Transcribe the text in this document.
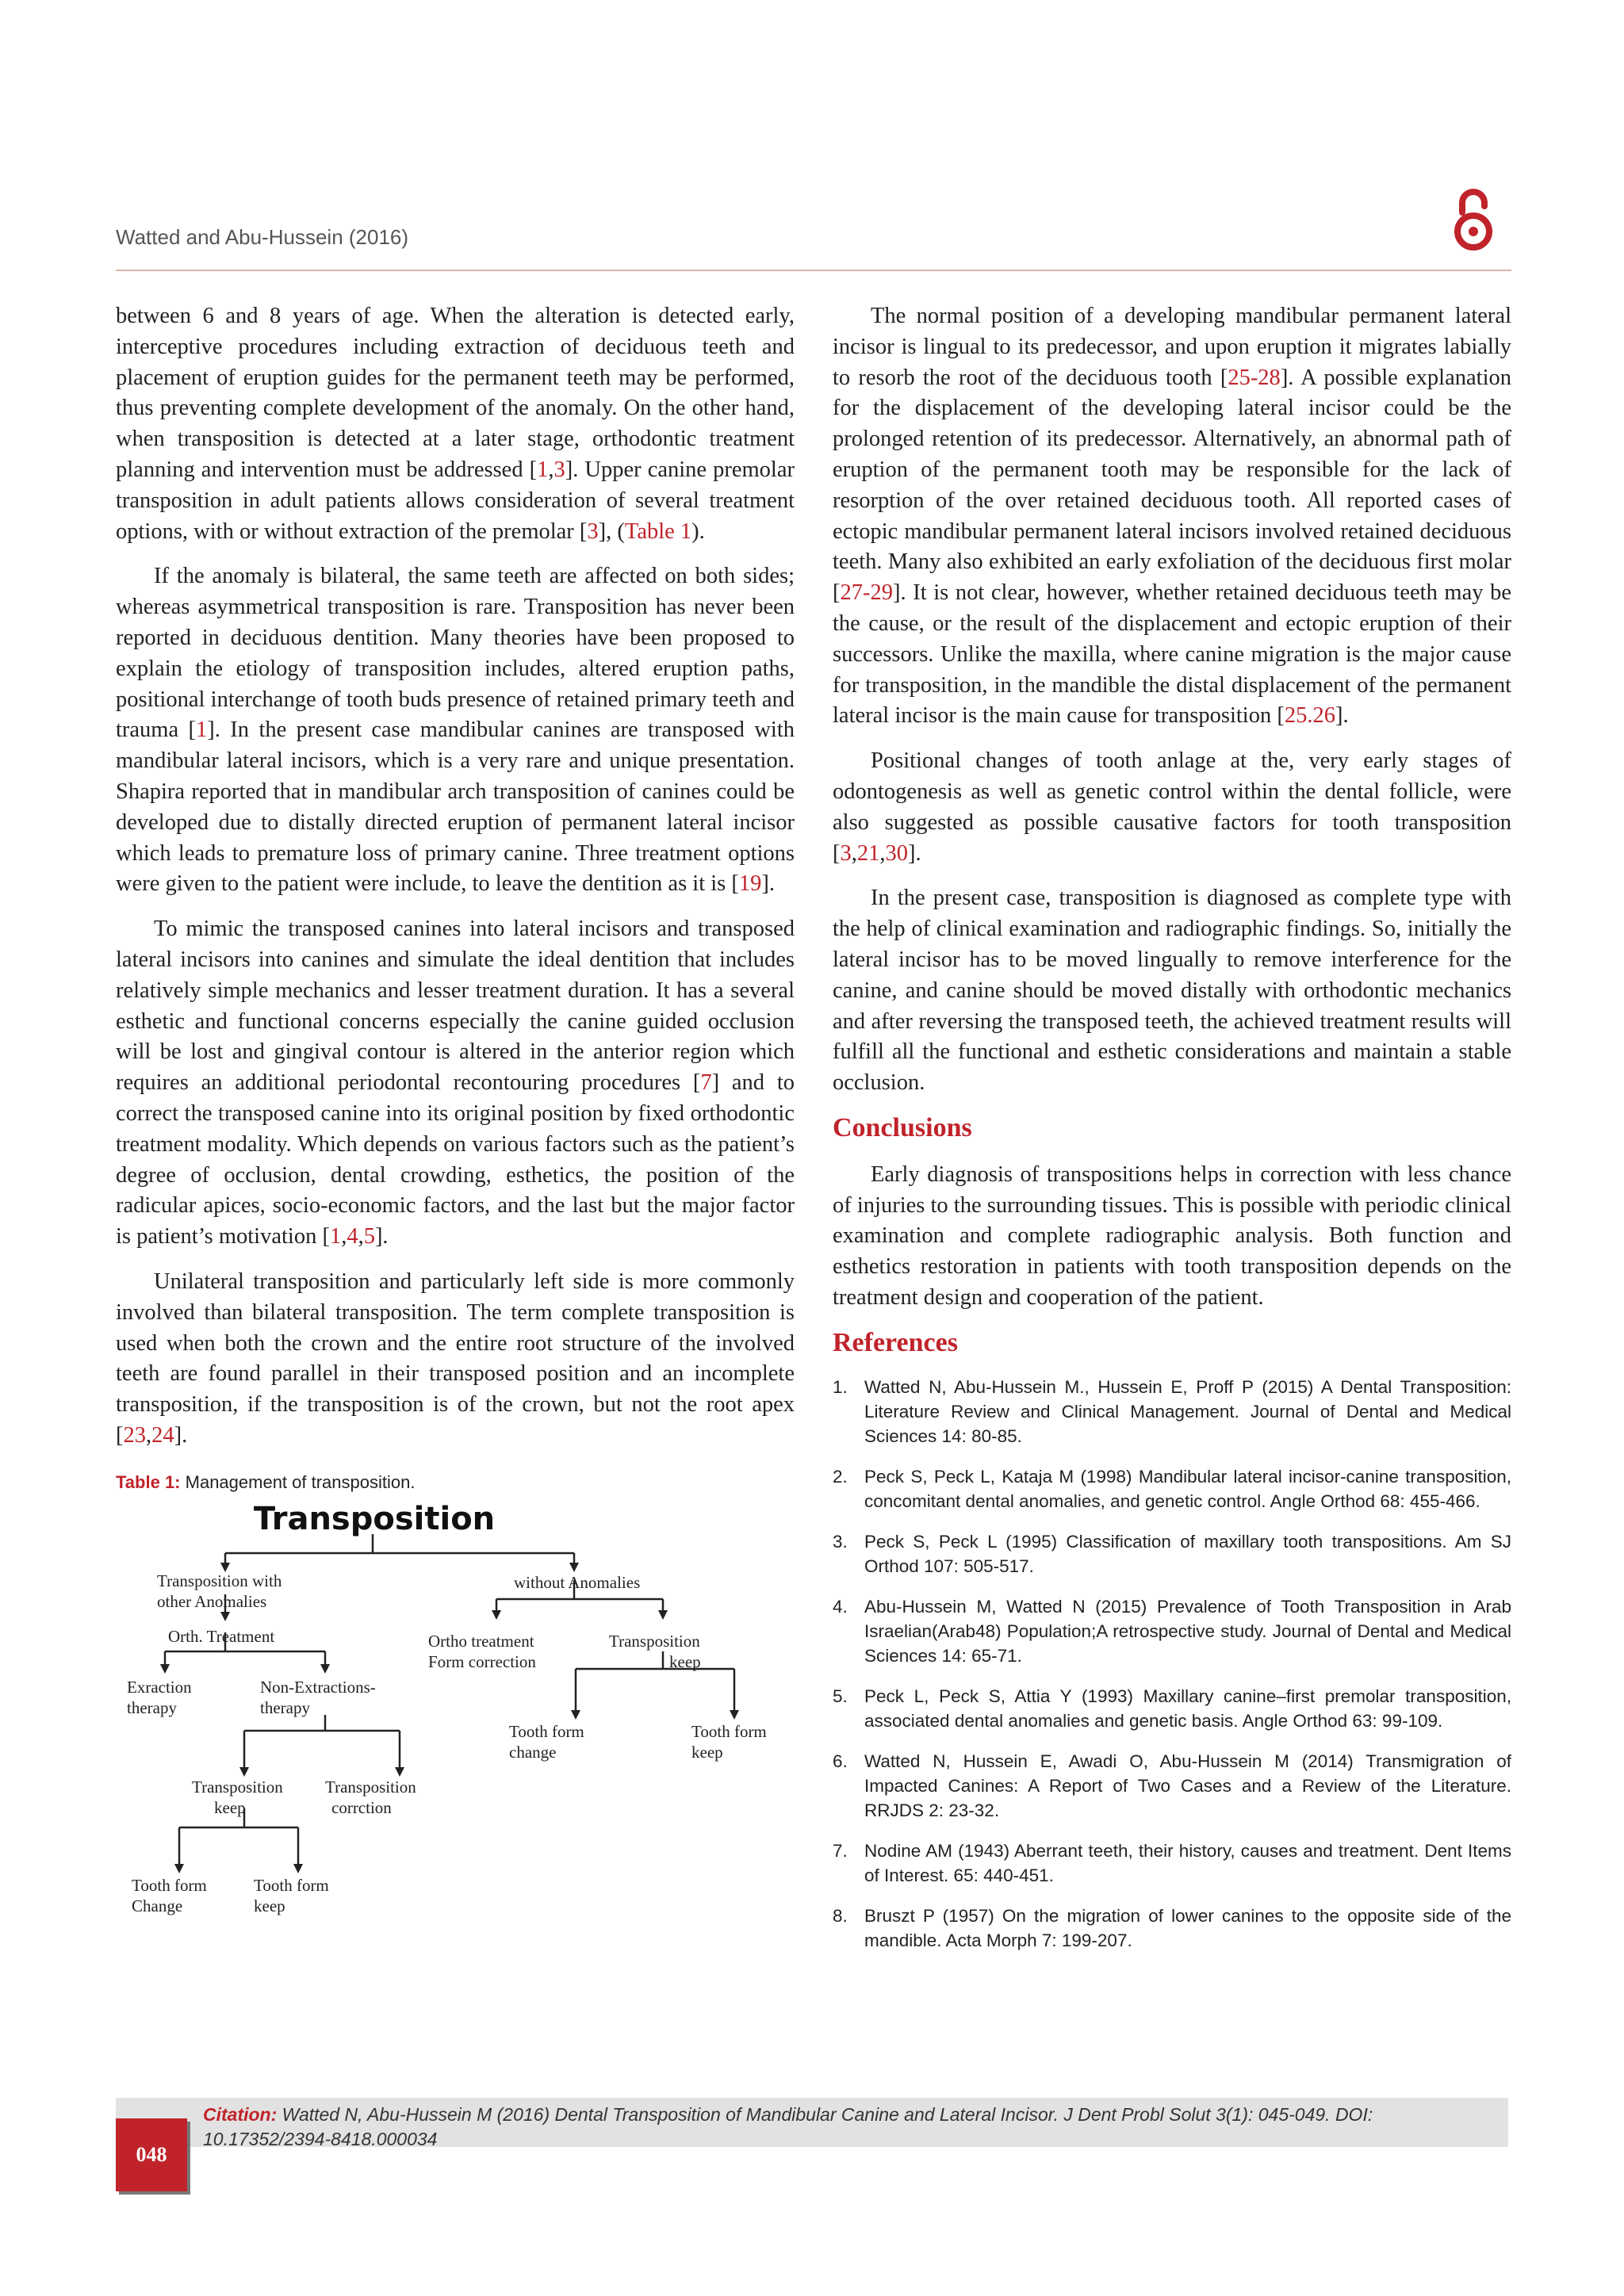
Watted and Abu-Hussein (2016)

between 6 and 8 years of age. When the alteration is detected early, interceptive procedures including extraction of deciduous teeth and placement of eruption guides for the permanent teeth may be performed, thus preventing complete development of the anomaly. On the other hand, when transposition is detected at a later stage, orthodontic treatment planning and intervention must be addressed [1,3]. Upper canine premolar transposition in adult patients allows consideration of several treatment options, with or without extraction of the premolar [3], (Table 1).

If the anomaly is bilateral, the same teeth are affected on both sides; whereas asymmetrical transposition is rare. Transposition has never been reported in deciduous dentition. Many theories have been proposed to explain the etiology of transposition includes, altered eruption paths, positional interchange of tooth buds presence of retained primary teeth and trauma [1]. In the present case mandibular canines are transposed with mandibular lateral incisors, which is a very rare and unique presentation. Shapira reported that in mandibular arch transposition of canines could be developed due to distally directed eruption of permanent lateral incisor which leads to premature loss of primary canine. Three treatment options were given to the patient were include, to leave the dentition as it is [19].

To mimic the transposed canines into lateral incisors and transposed lateral incisors into canines and simulate the ideal dentition that includes relatively simple mechanics and lesser treatment duration. It has a several esthetic and functional concerns especially the canine guided occlusion will be lost and gingival contour is altered in the anterior region which requires an additional periodontal recontouring procedures [7] and to correct the transposed canine into its original position by fixed orthodontic treatment modality. Which depends on various factors such as the patient’s degree of occlusion, dental crowding, esthetics, the position of the radicular apices, socio-economic factors, and the last but the major factor is patient’s motivation [1,4,5].

Unilateral transposition and particularly left side is more commonly involved than bilateral transposition. The term complete transposition is used when both the crown and the entire root structure of the involved teeth are found parallel in their transposed position and an incomplete transposition, if the transposition is of the crown, but not the root apex [23,24].

Table 1: Management of transposition.
Transposition
Transposition with
other Anomalies
without Anomalies
Orth. Treatment	Ortho treatment
Form correction
Transposition
keep
Exraction
therapy
Non-Extractions-
therapy
Tooth form
change
Tooth form
keep
Transposition
keep
Transposition
corrction
Tooth form
Change
Tooth form
keep

The normal position of a developing mandibular permanent lateral incisor is lingual to its predecessor, and upon eruption it migrates labially to resorb the root of the deciduous tooth [25-28]. A possible explanation for the displacement of the developing lateral incisor could be the prolonged retention of its predecessor. Alternatively, an abnormal path of eruption of the permanent tooth may be responsible for the lack of resorption of the over retained deciduous tooth. All reported cases of ectopic mandibular permanent lateral incisors involved retained deciduous teeth. Many also exhibited an early exfoliation of the deciduous first molar [27-29]. It is not clear, however, whether retained deciduous teeth may be the cause, or the result of the displacement and ectopic eruption of their successors. Unlike the maxilla, where canine migration is the major cause for transposition, in the mandible the distal displacement of the permanent lateral incisor is the main cause for transposition [25.26].

Positional changes of tooth anlage at the, very early stages of odontogenesis as well as genetic control within the dental follicle, were also suggested as possible causative factors for tooth transposition [3,21,30].

In the present case, transposition is diagnosed as complete type with the help of clinical examination and radiographic findings. So, initially the lateral incisor has to be moved lingually to remove interference for the canine, and canine should be moved distally with orthodontic mechanics and after reversing the transposed teeth, the achieved treatment results will fulfill all the functional and esthetic considerations and maintain a stable occlusion.

Conclusions

Early diagnosis of transpositions helps in correction with less chance of injuries to the surrounding tissues. This is possible with periodic clinical examination and complete radiographic analysis. Both function and esthetics restoration in patients with tooth transposition depends on the treatment design and cooperation of the patient.

References
1. Watted N, Abu-Hussein M., Hussein E, Proff P (2015) A Dental Transposition: Literature Review and Clinical Management. Journal of Dental and Medical Sciences 14: 80-85.
2. Peck S, Peck L, Kataja M (1998) Mandibular lateral incisor-canine transposition, concomitant dental anomalies, and genetic control. Angle Orthod 68: 455-466.
3. Peck S, Peck L (1995) Classification of maxillary tooth transpositions. Am SJ Orthod 107: 505-517.
4. Abu-Hussein M, Watted N (2015) Prevalence of Tooth Transposition in Arab Israelian(Arab48) Population;A retrospective study. Journal of Dental and Medical Sciences 14: 65-71.
5. Peck L, Peck S, Attia Y (1993) Maxillary canine–first premolar transposition, associated dental anomalies and genetic basis. Angle Orthod 63: 99-109.
6. Watted N, Hussein E, Awadi O, Abu-Hussein M (2014) Transmigration of Impacted Canines: A Report of Two Cases and a Review of the Literature. RRJDS 2: 23-32.
7. Nodine AM (1943) Aberrant teeth, their history, causes and treatment. Dent Items of Interest. 65: 440-451.
8. Bruszt P (1957) On the migration of lower canines to the opposite side of the mandible. Acta Morph 7: 199-207.
Citation: Watted N, Abu-Hussein M (2016) Dental Transposition of Mandibular Canine and Lateral Incisor. J Dent Probl Solut 3(1): 045-049. DOI: 10.17352/2394-8418.000034
048
